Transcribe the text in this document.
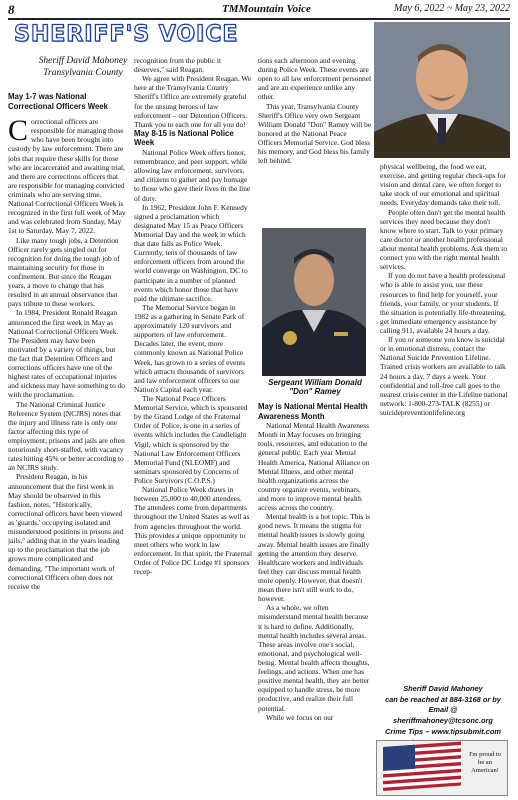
8	TMMountain Voice	May 6, 2022 ~ May 23, 2022
SHERIFF'S VOICE
Sheriff David Mahoney
Transylvania County
May 1-7 was National Correctional Officers Week

Correctional officers are responsible for managing those who have been brought into custody by law enforcement. There are jobs that require these skills for those who are incarcerated and awaiting trial, and there are corrections officers that are responsible for managing convicted criminals who are serving time. National Correctional Officers Week is recognized in the first full week of May and was celebrated from Sunday, May 1st to Saturday, May 7, 2022.

Like many tough jobs, a Detention Officer rarely gets singled out for recognition for doing the tough job of maintaining security for those in confinement. But since the Reagan years, a move to change that has resulted in an annual observance that pays tribute to these workers.

In 1984, President Ronald Reagan announced the first week in May as National Correctional Officers Week. The President may have been motivated by a variety of things, but the fact that Detention Officers and corrections officers have one of the highest rates of occupational injuries and sickness may have something to do with the proclamation.

The National Criminal Justice Reference System (NCJRS) notes that the injury and illness rate is only one factor affecting this type of employment; prisons and jails are often notoriously short-staffed, with vacancy rates hitting 45% or better according to an NCJRS study.

President Reagan, in his announcement that the first week in May should be observed in this fashion, notes, "Historically, correctional officers have been viewed as 'guards,' occupying isolated and misunderstood positions in prisons and jails," adding that in the years leading up to the proclamation that the job grows more complicated and demanding. "The important work of correctional Officers often does not receive the

recognition from the public it deserves," said Reagan.

We agree with President Reagan. We here at the Transylvania County Sheriff's Office are extremely grateful for the unsung heroes of law enforcement – our Detention Officers. Thank you to each one for all you do!

May 8-15 is National Police Week

National Police Week offers honor, remembrance, and peer support, while allowing law enforcement, survivors, and citizens to gather and pay homage to those who gave their lives in the line of duty.

In 1962, President John F. Kennedy signed a proclamation which designated May 15 as Peace Officers Memorial Day and the week in which that date falls as Police Week. Currently, tens of thousands of law enforcement officers from around the world converge on Washington, DC to participate in a number of planned events which honor those that have paid the ultimate sacrifice.

The Memorial Service began in 1982 as a gathering in Senate Park of approximately 120 survivors and supporters of law enforcement. Decades later, the event, more commonly known as National Police Week, has grown to a series of events which attracts thousands of survivors and law enforcement officers to our Nation's Capital each year.

The National Peace Officers Memorial Service, which is sponsored by the Grand Lodge of the Fraternal Order of Police, is one in a series of events which includes the Candlelight Vigil, which is sponsored by the National Law Enforcement Officers Memorial Fund (NLEOMF) and seminars sponsored by Concerns of Police Survivors (C.O.P.S.)

National Police Week draws in between 25,000 to 40,000 attendees. The attendees come from departments throughout the United States as well as from agencies throughout the world. This provides a unique opportunity to meet others who work in law enforcement. In that spirit, the Fraternal Order of Police DC Lodge #1 sponsors recep-

tions each afternoon and evening during Police Week. These events are open to all law enforcement personnel and are an experience unlike any other.

This year, Transylvania County Sheriff's Office very own Sergeant William Donald "Don" Ramey will be honored at the National Peace Officers Memorial Service. God bless his memory, and God bless his family left behind.

Sergeant William Donald "Don" Ramey
May is National Mental Health Awareness Month

National Mental Health Awareness Month in May focuses on bringing tools, resources, and education to the general public. Each year Mental Health America, National Alliance on Mental Illness, and other mental health organizations across the country organize events, webinars, and more to improve mental health access across the country.

Mental health is a hot topic. This is good news. It means the stigma for mental health issues is slowly going away. Mental health issues are finally getting the attention they deserve. Healthcare workers and individuals feel they can discuss mental health more openly. However, that doesn't mean there isn't still work to do, however.

As a whole, we often misunderstand mental health because it is hard to define. Additionally, mental health includes several areas. These areas involve one's social, emotional, and psychological well-being. Mental health affects thoughts, feelings, and actions. When one has positive mental health, they are better equipped to handle stress, be more productive, and realize their full potential.

While we focus on our

physical wellbeing, the food we eat, exercise, and getting regular check-ups for vision and dental care, we often forget to take stock of our emotional and spiritual needs. Everyday demands take their toll.

People often don't get the mental health services they need because they don't know where to start. Talk to your primary care doctor or another health professional about mental health problems. Ask them to connect you with the right mental health services.

If you do not have a health professional who is able to assist you, use these resources to find help for yourself, your friends, your family, or your students. If the situation is potentially life-threatening, get immediate emergency assistance by calling 911, available 24 hours a day.

If you or someone you know is suicidal or in emotional distress, contact the National Suicide Prevention Lifeline. Trained crisis workers are available to talk 24 hours a day, 7 days a week. Your confidential and toll-free call goes to the nearest crisis center in the Lifeline national network: 1-800-273-TALK (8255) or suicidepreventionlifeline.org

Sheriff David Mahoney
can be reached at 884-3168 or by
Email @ sheriffmahoney@tcsonc.org
Crime Tips – www.tipsubmit.com
I'm proud to be an American!
